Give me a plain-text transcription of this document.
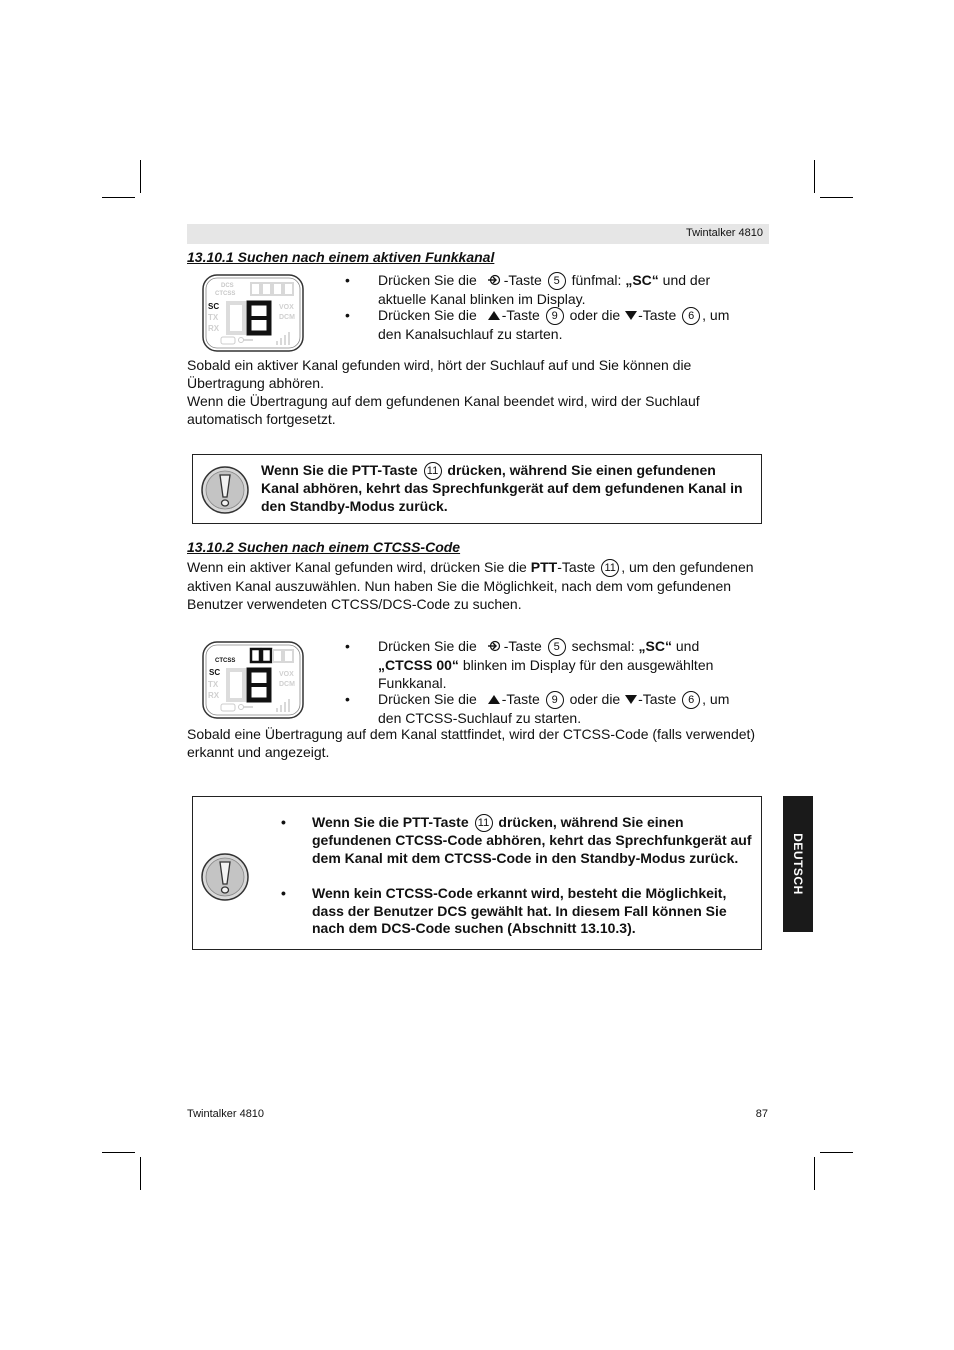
Twintalker 4810
13.10.1 Suchen nach einem aktiven Funkkanal
DCS
CTCSS
SC
TX
RX
VOX
DCM
• Drücken Sie die -Taste 5 fünfmal: „SC“ und der
aktuelle Kanal blinken im Display.
• Drücken Sie die -Taste 9 oder die -Taste 6 , um
den Kanalsuchlauf zu starten.
Sobald ein aktiver Kanal gefunden wird, hört der Suchlauf auf und Sie können die Übertragung abhören.
Wenn die Übertragung auf dem gefundenen Kanal beendet wird, wird der Suchlauf automatisch fortgesetzt.
Wenn Sie die PTT-Taste 11 drücken, während Sie einen gefundenen Kanal abhören, kehrt das Sprechfunkgerät auf dem gefundenen Kanal in den Standby-Modus zurück.
13.10.2 Suchen nach einem CTCSS-Code
Wenn ein aktiver Kanal gefunden wird, drücken Sie die PTT-Taste 11 , um den gefundenen aktiven Kanal auszuwählen. Nun haben Sie die Möglichkeit, nach dem vom gefundenen Benutzer verwendeten CTCSS/DCS-Code zu suchen.
CTCSS
SC
TX
RX
VOX
DCM
• Drücken Sie die -Taste 5 sechsmal: „SC“ und
„CTCSS 00“ blinken im Display für den ausgewählten
Funkkanal.
• Drücken Sie die -Taste 9 oder die -Taste 6 , um
den CTCSS-Suchlauf zu starten.
Sobald eine Übertragung auf dem Kanal stattfindet, wird der CTCSS-Code (falls verwendet) erkannt und angezeigt.
• Wenn Sie die PTT-Taste 11 drücken, während Sie einen gefundenen CTCSS-Code abhören, kehrt das Sprechfunkgerät auf dem Kanal mit dem CTCSS-Code in den Standby-Modus zurück.
• Wenn kein CTCSS-Code erkannt wird, besteht die Möglichkeit, dass der Benutzer DCS gewählt hat. In diesem Fall können Sie nach dem DCS-Code suchen (Abschnitt 13.10.3).
DEUTSCH
Twintalker 4810	87
